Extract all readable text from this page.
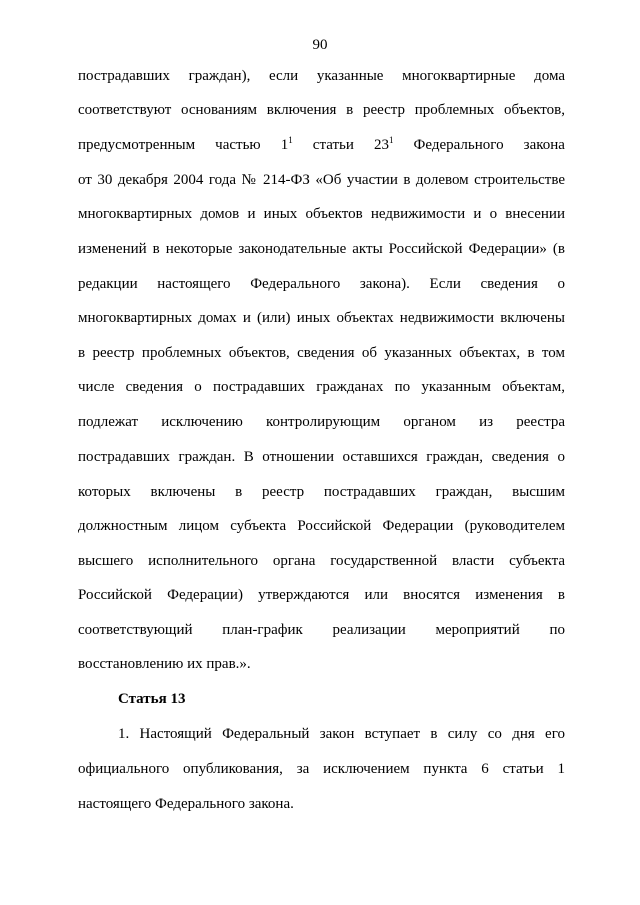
90
пострадавших граждан), если указанные многоквартирные дома
соответствуют основаниям включения в реестр проблемных объектов,
предусмотренным частью $1^1$ статьи $23^1$ Федерального закона
от 30 декабря 2004 года № 214-ФЗ «Об участии в долевом строительстве
многоквартирных домов и иных объектов недвижимости и о внесении
изменений в некоторые законодательные акты Российской Федерации» (в
редакции настоящего Федерального закона). Если сведения о
многоквартирных домах и (или) иных объектах недвижимости включены
в реестр проблемных объектов, сведения об указанных объектах, в том
числе сведения о пострадавших гражданах по указанным объектам,
подлежат исключению контролирующим органом из реестра
пострадавших граждан. В отношении оставшихся граждан, сведения о
которых включены в реестр пострадавших граждан, высшим
должностным лицом субъекта Российской Федерации (руководителем
высшего исполнительного органа государственной власти субъекта
Российской Федерации) утверждаются или вносятся изменения в
соответствующий план-график реализации мероприятий по
восстановлению их прав.».
Статья 13
1. Настоящий Федеральный закон вступает в силу со дня его
официального опубликования, за исключением пункта 6 статьи 1
настоящего Федерального закона.
